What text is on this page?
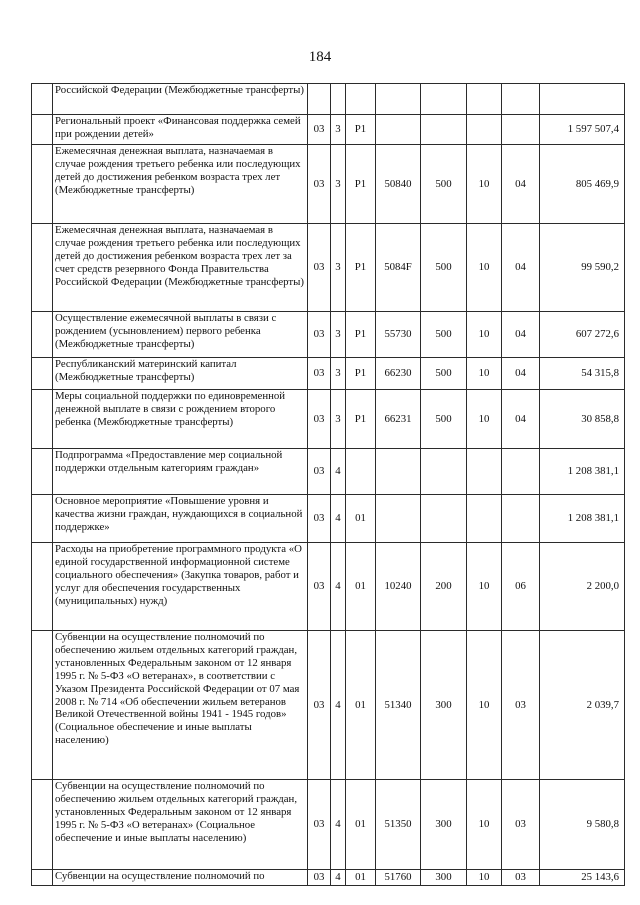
184
	Российской Федерации (Межбюджетные трансферты)								
	Региональный проект «Финансовая поддержка семей при рождении детей»	03	3	P1					1 597 507,4
	Ежемесячная денежная выплата, назначаемая в случае рождения третьего ребенка или последующих детей до достижения ребенком возраста трех лет (Межбюджетные трансферты)	03	3	P1	50840	500	10	04	805 469,9
	Ежемесячная денежная выплата, назначаемая в случае рождения третьего ребенка или последующих детей до достижения ребенком возраста трех лет за счет средств резервного Фонда Правительства Российской Федерации (Межбюджетные трансферты)	03	3	P1	5084F	500	10	04	99 590,2
	Осуществление ежемесячной выплаты в связи с рождением (усыновлением) первого ребенка (Межбюджетные трансферты)	03	3	P1	55730	500	10	04	607 272,6
	Республиканский материнский капитал (Межбюджетные трансферты)	03	3	P1	66230	500	10	04	54 315,8
	Меры социальной поддержки по единовременной денежной выплате в связи с рождением второго ребенка (Межбюджетные трансферты)	03	3	P1	66231	500	10	04	30 858,8
	Подпрограмма «Предоставление мер социальной поддержки отдельным категориям граждан»	03	4						1 208 381,1
	Основное мероприятие «Повышение уровня и качества жизни граждан, нуждающихся в социальной поддержке»	03	4	01					1 208 381,1
	Расходы на приобретение программного продукта «О единой государственной информационной системе социального обеспечения» (Закупка товаров, работ и услуг для обеспечения государственных (муниципальных) нужд)	03	4	01	10240	200	10	06	2 200,0
	Субвенции на осуществление полномочий по обеспечению жильем отдельных категорий граждан, установленных Федеральным законом от 12 января 1995 г. № 5-ФЗ «О ветеранах», в соответствии с Указом Президента Российской Федерации от 07 мая 2008 г. № 714 «Об обеспечении жильем ветеранов Великой Отечественной войны 1941 - 1945 годов» (Социальное обеспечение и иные выплаты населению)	03	4	01	51340	300	10	03	2 039,7
	Субвенции на осуществление полномочий по обеспечению жильем отдельных категорий граждан, установленных Федеральным законом от 12 января 1995 г. № 5-ФЗ «О ветеранах» (Социальное обеспечение и иные выплаты населению)	03	4	01	51350	300	10	03	9 580,8
	Субвенции на осуществление полномочий по	03	4	01	51760	300	10	03	25 143,6
